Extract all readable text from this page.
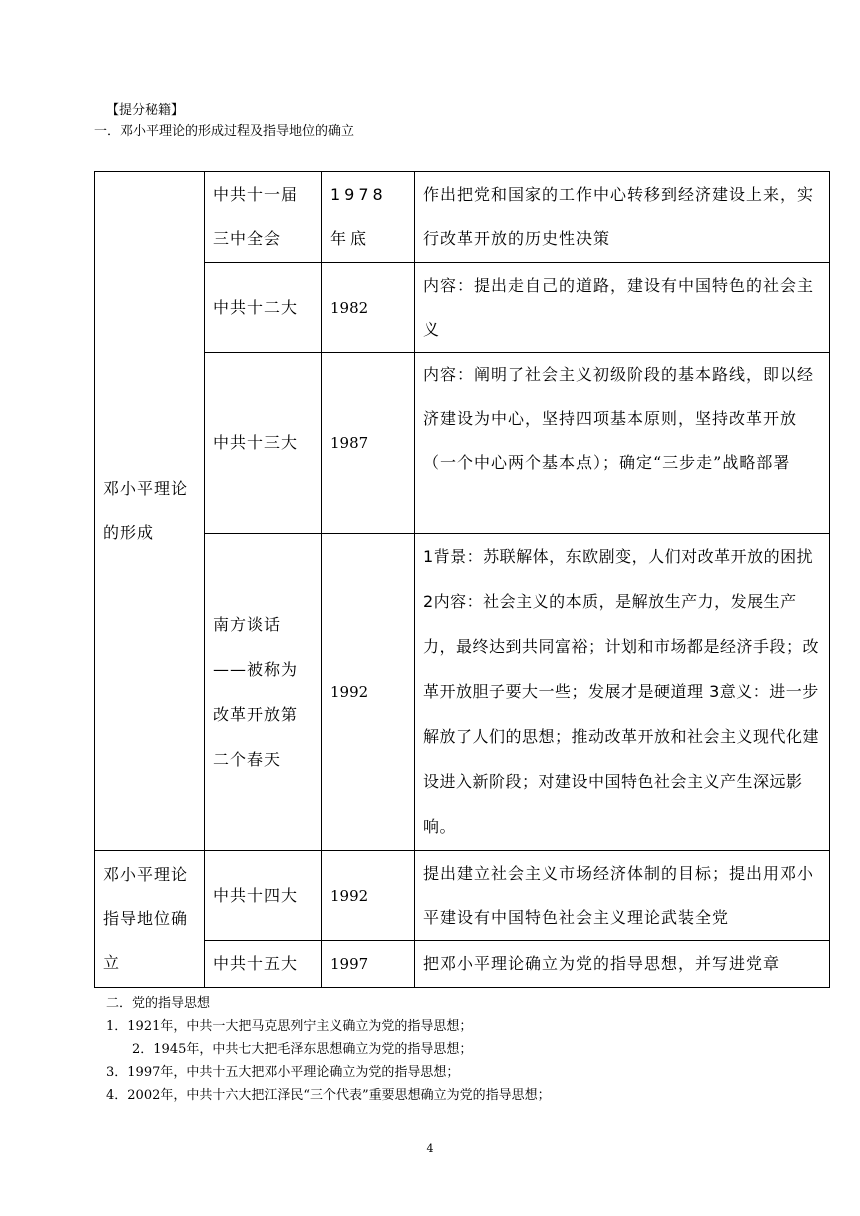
【提分秘籍】
一．邓小平理论的形成过程及指导地位的确立
邓小平理论的形成	中共十一届三中全会	1978年底	作出把党和国家的工作中心转移到经济建设上来，实行改革开放的历史性决策
	中共十二大	1982	内容：提出走自己的道路，建设有中国特色的社会主义
	中共十三大	1987	内容：阐明了社会主义初级阶段的基本路线，即以经济建设为中心，坚持四项基本原则，坚持改革开放（一个中心两个基本点）；确定“三步走”战略部署
	南方谈话——被称为改革开放第二个春天	1992	1背景：苏联解体，东欧剧变，人们对改革开放的困扰 2内容：社会主义的本质，是解放生产力，发展生产力，最终达到共同富裕；计划和市场都是经济手段；改革开放胆子要大一些；发展才是硬道理 3意义：进一步解放了人们的思想；推动改革开放和社会主义现代化建设进入新阶段；对建设中国特色社会主义产生深远影响。
邓小平理论指导地位确立	中共十四大	1992	提出建立社会主义市场经济体制的目标；提出用邓小平建设有中国特色社会主义理论武装全党
	中共十五大	1997	把邓小平理论确立为党的指导思想，并写进党章
二．党的指导思想
1．1921年，中共一大把马克思列宁主义确立为党的指导思想；
2．1945年，中共七大把毛泽东思想确立为党的指导思想；
3．1997年，中共十五大把邓小平理论确立为党的指导思想；
4．2002年，中共十六大把江泽民“三个代表”重要思想确立为党的指导思想；
4
